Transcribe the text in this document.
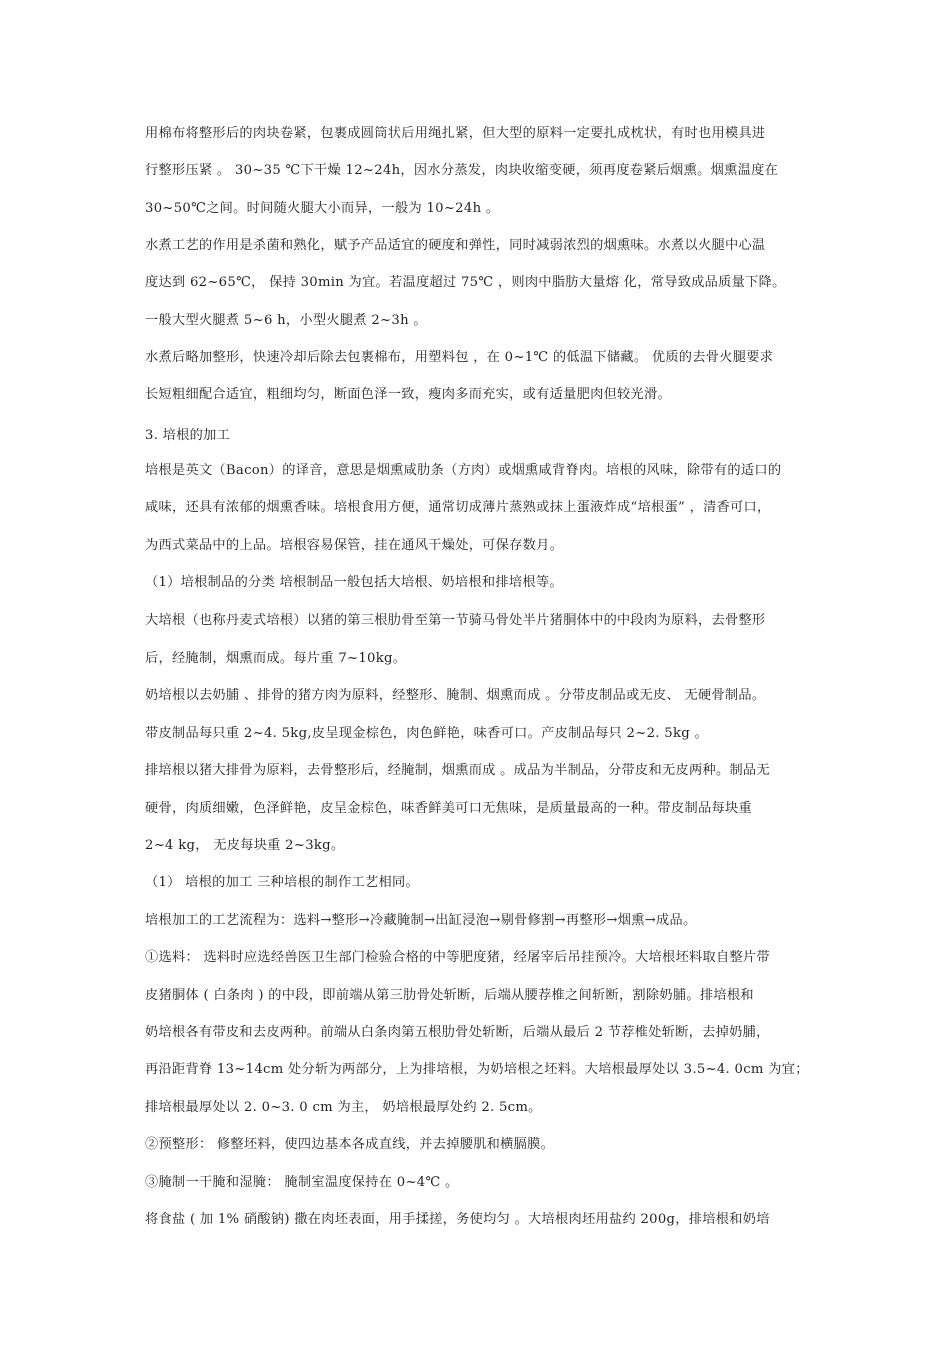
用棉布将整形后的肉块卷紧，包裹成圆筒状后用绳扎紧，但大型的原料一定要扎成枕状，有时也用模具进

行整形压紧 。 30~35 ℃下干燥 12~24h，因水分蒸发，肉块收缩变硬，须再度卷紧后烟熏。烟熏温度在

30~50℃之间。时间随火腿大小而异，一般为 10~24h 。

水煮工艺的作用是杀菌和熟化，赋予产品适宜的硬度和弹性，同时减弱浓烈的烟熏味。水煮以火腿中心温

度达到 62~65℃， 保持 30min 为宜。若温度超过 75℃ ，则肉中脂肪大量熔 化，常导致成品质量下降。

一般大型火腿煮 5~6 h，小型火腿煮 2~3h 。

水煮后略加整形，快速冷却后除去包裹棉布，用塑料包 ，在 0~1℃ 的低温下储藏。 优质的去骨火腿要求

长短粗细配合适宜，粗细均匀，断面色泽一致，瘦肉多而充实，或有适量肥肉但较光滑。

3. 培根的加工

培根是英文（Bacon）的译音，意思是烟熏咸肋条（方肉）或烟熏咸背脊肉。培根的风味，除带有的适口的

咸味，还具有浓郁的烟熏香味。培根食用方便，通常切成薄片蒸熟或抹上蛋液炸成“培根蛋” ，清香可口，

为西式菜品中的上品。培根容易保管，挂在通风干燥处，可保存数月。

（1）培根制品的分类 培根制品一般包括大培根、奶培根和排培根等。

大培根（也称丹麦式培根）以猪的第三根肋骨至第一节骑马骨处半片猪胴体中的中段肉为原料，去骨整形

后，经腌制，烟熏而成。每片重 7~10kg。

奶培根以去奶脯 、排骨的猪方肉为原料，经整形、腌制、烟熏而成 。分带皮制品或无皮、 无硬骨制品。

带皮制品每只重 2~4. 5kg,皮呈现金棕色，肉色鲜艳，味香可口。产皮制品每只 2~2. 5kg 。

排培根以猪大排骨为原料，去骨整形后，经腌制，烟熏而成 。成品为半制品，分带皮和无皮两种。制品无

硬骨，肉质细嫩，色泽鲜艳，皮呈金棕色，味香鲜美可口无焦味，是质量最高的一种。带皮制品每块重

2~4 kg， 无皮每块重 2~3kg。

（1） 培根的加工 三种培根的制作工艺相同。

培根加工的工艺流程为：选料→整形→冷藏腌制→出缸浸泡→剔骨修割→再整形→烟熏→成品。

①选料： 选料时应选经兽医卫生部门检验合格的中等肥度猪，经屠宰后吊挂预冷。大培根坯料取自整片带

皮猪胴体 ( 白条肉 ) 的中段，即前端从第三肋骨处斩断，后端从腰荐椎之间斩断，割除奶脯。排培根和

奶培根各有带皮和去皮两种。前端从白条肉第五根肋骨处斩断，后端从最后 2 节荐椎处斩断，去掉奶脯，

再沿距背脊 13~14cm 处分斩为两部分，上为排培根，为奶培根之坯料。大培根最厚处以 3.5~4. 0cm 为宜；

排培根最厚处以 2. 0~3. 0 cm 为主， 奶培根最厚处约 2. 5cm。

②预整形： 修整坯料，使四边基本各成直线，并去掉腰肌和横膈膜。

③腌制一干腌和湿腌： 腌制室温度保持在 0~4℃ 。

将食盐 ( 加 1% 硝酸钠) 撒在肉坯表面，用手揉搓，务使均匀 。大培根肉坯用盐约 200g，排培根和奶培
